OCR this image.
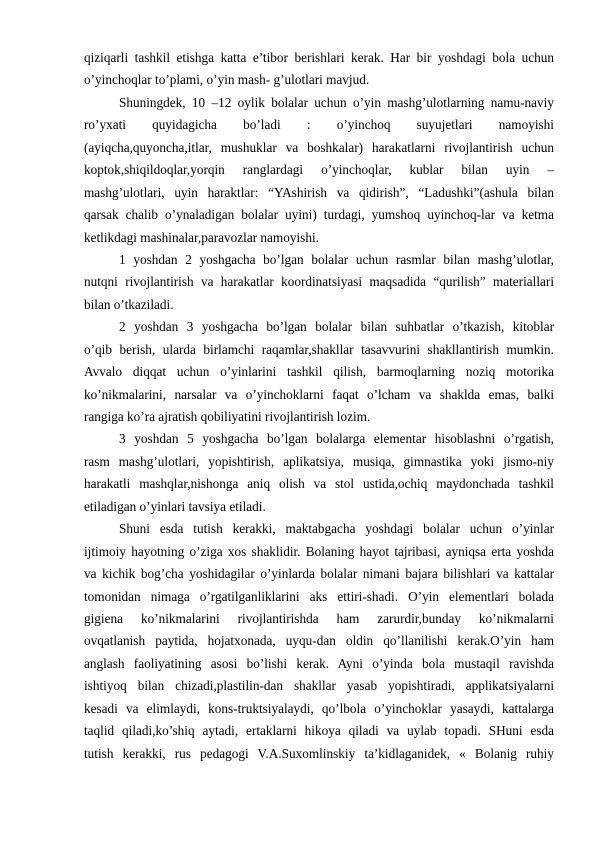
qiziqarli tashkil etishga katta e’tibor berishlari kerak. Har bir yoshdagi bola uchun
o’yinchoqlar to’plami, o’yin mash- g’ulotlari mavjud.
Shuningdek, 10 –12 oylik bolalar uchun o’yin mashg’ulotlarning namu-naviy
ro’yxati quyidagicha bo’ladi : o’yinchoq suyujetlari namoyishi
(ayiqcha,quyoncha,itlar, mushuklar va boshkalar) harakatlarni rivojlantirish uchun
koptok,shiqildoqlar,yorqin ranglardagi o’yinchoqlar, kublar bilan uyin –
mashg’ulotlari, uyin haraktlar: “YAshirish va qidirish”, “Ladushki”(ashula bilan
qarsak chalib o’ynaladigan bolalar uyini) turdagi, yumshoq uyinchoq-lar va ketma
ketlikdagi mashinalar,paravozlar namoyishi.
1 yoshdan 2 yoshgacha bo’lgan bolalar uchun rasmlar bilan mashg’ulotlar,
nutqni rivojlantirish va harakatlar koordinatsiyasi maqsadida “qurilish” materiallari
bilan o’tkaziladi.
2 yoshdan 3 yoshgacha bo’lgan bolalar bilan suhbatlar o’tkazish, kitoblar
o’qib berish, ularda birlamchi raqamlar,shakllar tasavvurini shakllantirish mumkin.
Avvalo diqqat uchun o’yinlarini tashkil qilish, barmoqlarning noziq motorika
ko’nikmalarini, narsalar va o’yinchoklarni faqat o’lcham va shaklda emas, balki
rangiga ko’ra ajratish qobiliyatini rivojlantirish lozim.
3 yoshdan 5 yoshgacha bo’lgan bolalarga elementar hisoblashni o’rgatish,
rasm mashg’ulotlari, yopishtirish, aplikatsiya, musiqa, gimnastika yoki jismo-niy
harakatli mashqlar,nishonga aniq olish va stol ustida,ochiq maydonchada tashkil
etiladigan o’yinlari tavsiya etiladi.
Shuni esda tutish kerakki, maktabgacha yoshdagi bolalar uchun o’yinlar
ijtimoiy hayotning o’ziga xos shaklidir. Bolaning hayot tajribasi, ayniqsa erta yoshda
va kichik bog’cha yoshidagilar o’yinlarda bolalar nimani bajara bilishlari va kattalar
tomonidan nimaga o’rgatilganliklarini aks ettiri-shadi. O’yin elementlari bolada
gigiena ko’nikmalarini rivojlantirishda ham zarurdir,bunday ko’nikmalarni
ovqatlanish paytida, hojatxonada, uyqu-dan oldin qo’llanilishi kerak.O’yin ham
anglash faoliyatining asosi bo’lishi kerak. Ayni o’yinda bola mustaqil ravishda
ishtiyoq bilan chizadi,plastilin-dan shakllar yasab yopishtiradi, applikatsiyalarni
kesadi va elimlaydi, kons-truktsiyalaydi, qo’lbola o’yinchoklar yasaydi, kattalarga
taqlid qiladi,ko’shiq aytadi, ertaklarni hikoya qiladi va uylab topadi. SHuni esda
tutish kerakki, rus pedagogi V.A.Suxomlinskiy ta’kidlaganidek, « Bolanig ruhiy
